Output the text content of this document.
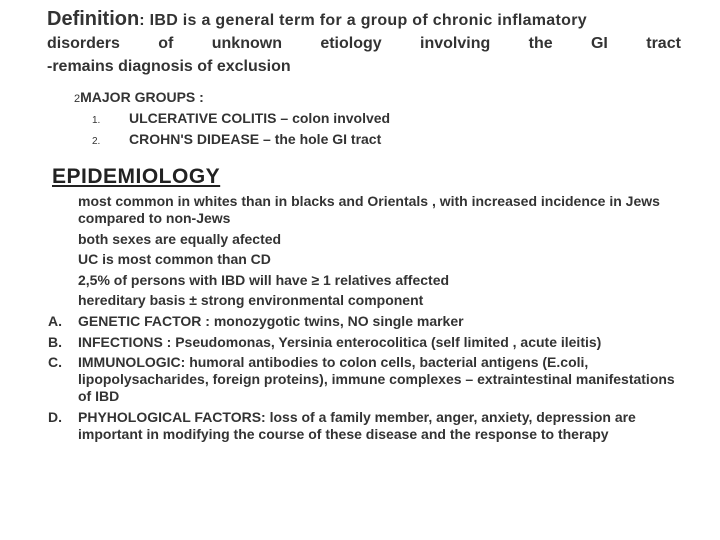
Definition: IBD is a general term for a group of chronic inflamatory
disorders of unknown etiology involving the GI tract
-remains diagnosis of exclusion
2 MAJOR GROUPS :
1.	ULCERATIVE COLITIS – colon involved
2.	CROHN'S DIDEASE – the hole GI tract
EPIDEMIOLOGY
most common in whites than in blacks and Orientals , with increased incidence in Jews compared to non-Jews
both sexes are equally afected
UC is most common than CD
2,5% of persons with IBD will have ≥ 1 relatives affected
hereditary basis ± strong environmental component
A.	GENETIC FACTOR : monozygotic twins, NO single marker
B.	INFECTIONS : Pseudomonas, Yersinia enterocolitica (self limited , acute ileitis)
C.	IMMUNOLOGIC: humoral antibodies to colon cells, bacterial antigens (E.coli, lipopolysacharides, foreign proteins), immune complexes – extraintestinal manifestations of IBD
D.	PHYHOLOGICAL FACTORS: loss of a family member, anger, anxiety, depression are important in modifying the course of these disease and the response to therapy
